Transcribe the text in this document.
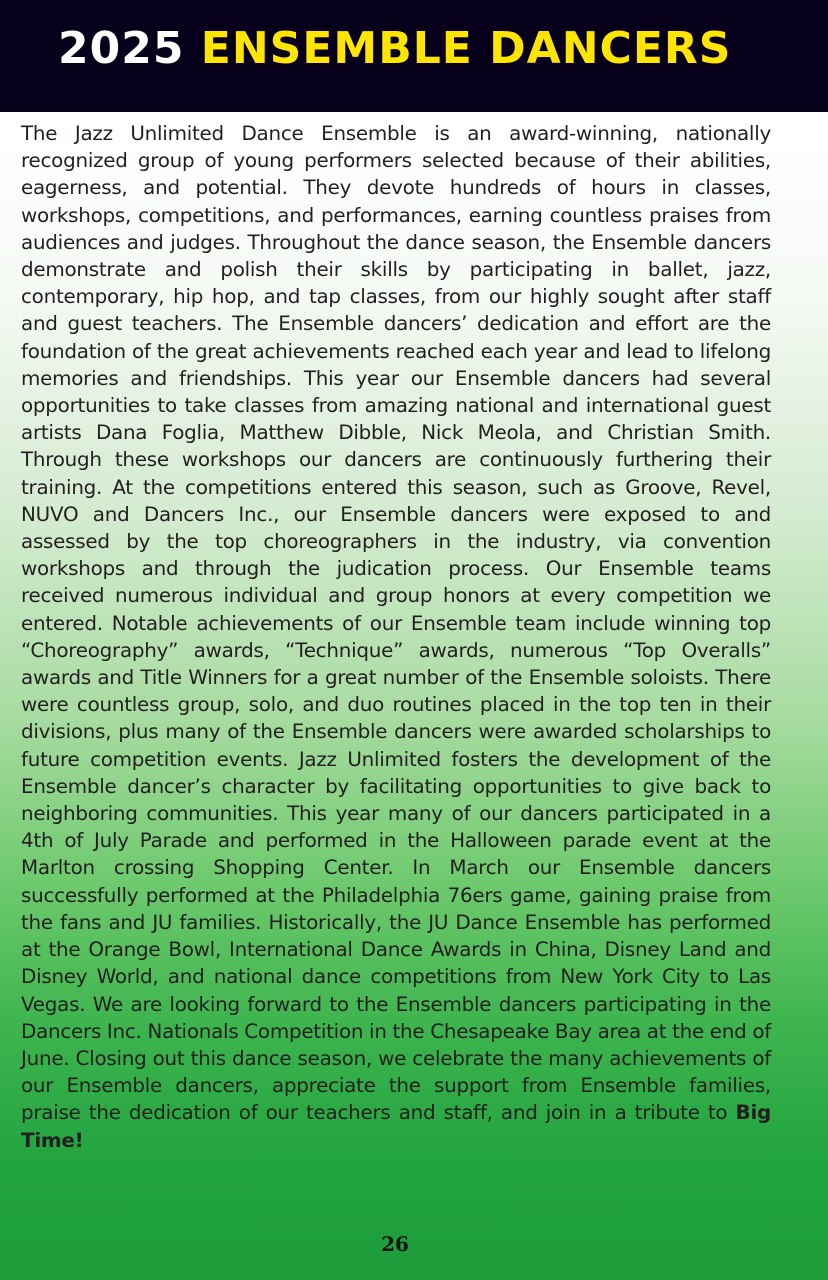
2025 ENSEMBLE DANCERS

The Jazz Unlimited Dance Ensemble is an award-winning, nationally recognized group of young performers selected because of their abilities, eagerness, and potential. They devote hundreds of hours in classes, workshops, competitions, and performances, earning countless praises from audiences and judges. Throughout the dance season, the Ensemble dancers demonstrate and polish their skills by participating in ballet, jazz, contemporary, hip hop, and tap classes, from our highly sought after staff and guest teachers. The Ensemble dancers’ dedication and effort are the foundation of the great achievements reached each year and lead to lifelong memories and friendships. This year our Ensemble dancers had several opportunities to take classes from amazing national and international guest artists Dana Foglia, Matthew Dibble, Nick Meola, and Christian Smith. Through these workshops our dancers are continuously furthering their training. At the competitions entered this season, such as Groove, Revel, NUVO and Dancers Inc., our Ensemble dancers were exposed to and assessed by the top choreographers in the industry, via convention workshops and through the judication process. Our Ensemble teams received numerous individual and group honors at every competition we entered. Notable achievements of our Ensemble team include winning top “Choreography” awards, “Technique” awards, numerous “Top Overalls” awards and Title Winners for a great number of the Ensemble soloists. There were countless group, solo, and duo routines placed in the top ten in their divisions, plus many of the Ensemble dancers were awarded scholarships to future competition events. Jazz Unlimited fosters the development of the Ensemble dancer’s character by facilitating opportunities to give back to neighboring communities. This year many of our dancers participated in a 4th of July Parade and performed in the Halloween parade event at the Marlton crossing Shopping Center. In March our Ensemble dancers successfully performed at the Philadelphia 76ers game, gaining praise from the fans and JU families. Historically, the JU Dance Ensemble has performed at the Orange Bowl, International Dance Awards in China, Disney Land and Disney World, and national dance competitions from New York City to Las Vegas. We are looking forward to the Ensemble dancers participating in the Dancers Inc. Nationals Competition in the Chesapeake Bay area at the end of June. Closing out this dance season, we celebrate the many achievements of our Ensemble dancers, appreciate the support from Ensemble families, praise the dedication of our teachers and staff, and join in a tribute to Big Time!

26
